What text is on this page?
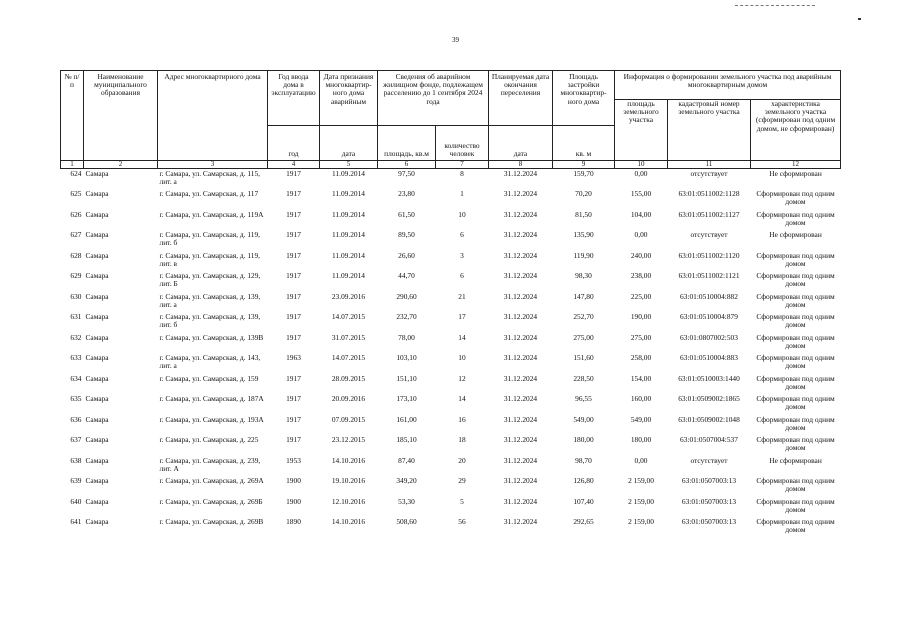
39
№ п/п	Наименование муниципального образования	Адрес многоквартирного дома	Год ввода дома в эксплуатацию	Дата признания многоквартир-ного дома аварийным	Сведения об аварийном жилищном фонде, подлежащем расселению до 1 сентября 2024 года		Планируемая дата окончания переселения	Площадь застройки многоквартир-ного дома	Информация о формировании земельного участка под аварийным многоквартирным домом		
									площадь земельного участка	кадастровый номер земельного участка	характеристика земельного участка (сформирован под одним домом, не сформирован)
			год	дата	площадь, кв.м	количество человек	дата	кв. м			
1	2	3	4	5	6	7	8	9	10	11	12
624	Самара	г. Самара, ул. Самарская, д. 115, лит. а	1917	11.09.2014	97,50	8	31.12.2024	159,70	0,00	отсутствует	Не сформирован
625	Самара	г. Самара, ул. Самарская, д. 117	1917	11.09.2014	23,80	1	31.12.2024	70,20	155,00	63:01:0511002:1128	Сформирован под одним домом
626	Самара	г. Самара, ул. Самарская, д. 119А	1917	11.09.2014	61,50	10	31.12.2024	81,50	104,00	63:01:0511002:1127	Сформирован под одним домом
627	Самара	г. Самара, ул. Самарская, д. 119, лит. б	1917	11.09.2014	89,50	6	31.12.2024	135,90	0,00	отсутствует	Не сформирован
628	Самара	г. Самара, ул. Самарская, д. 119, лит. в	1917	11.09.2014	26,60	3	31.12.2024	119,90	240,00	63:01:0511002:1120	Сформирован под одним домом
629	Самара	г. Самара, ул. Самарская, д. 129, лит. Б	1917	11.09.2014	44,70	6	31.12.2024	98,30	238,00	63:01:0511002:1121	Сформирован под одним домом
630	Самара	г. Самара, ул. Самарская, д. 139, лит. а	1917	23.09.2016	290,60	21	31.12.2024	147,80	225,00	63:01:0510004:882	Сформирован под одним домом
631	Самара	г. Самара, ул. Самарская, д. 139, лит. б	1917	14.07.2015	232,70	17	31.12.2024	252,70	190,00	63:01:0510004:879	Сформирован под одним домом
632	Самара	г. Самара, ул. Самарская, д. 139В	1917	31.07.2015	78,00	14	31.12.2024	275,00	275,00	63:01:0807002:503	Сформирован под одним домом
633	Самара	г. Самара, ул. Самарская, д. 143, лит. а	1963	14.07.2015	103,10	10	31.12.2024	151,60	258,00	63:01:0510004:883	Сформирован под одним домом
634	Самара	г. Самара, ул. Самарская, д. 159	1917	28.09.2015	151,10	12	31.12.2024	228,50	154,00	63:01:0510003:1440	Сформирован под одним домом
635	Самара	г. Самара, ул. Самарская, д. 187А	1917	20.09.2016	173,10	14	31.12.2024	96,55	160,00	63:01:0509002:1865	Сформирован под одним домом
636	Самара	г. Самара, ул. Самарская, д. 193А	1917	07.09.2015	161,00	16	31.12.2024	549,00	549,00	63:01:0509002:1048	Сформирован под одним домом
637	Самара	г. Самара, ул. Самарская, д. 225	1917	23.12.2015	185,10	18	31.12.2024	180,00	180,00	63:01:0507004:537	Сформирован под одним домом
638	Самара	г. Самара, ул. Самарская, д. 239, лит. А	1953	14.10.2016	87,40	20	31.12.2024	98,70	0,00	отсутствует	Не сформирован
639	Самара	г. Самара, ул. Самарская, д. 269А	1900	19.10.2016	349,20	29	31.12.2024	126,80	2 159,00	63:01:0507003:13	Сформирован под одним домом
640	Самара	г. Самара, ул. Самарская, д. 269Б	1900	12.10.2016	53,30	5	31.12.2024	107,40	2 159,00	63:01:0507003:13	Сформирован под одним домом
641	Самара	г. Самара, ул. Самарская, д. 269В	1890	14.10.2016	508,60	56	31.12.2024	292,65	2 159,00	63:01:0507003:13	Сформирован под одним домом
